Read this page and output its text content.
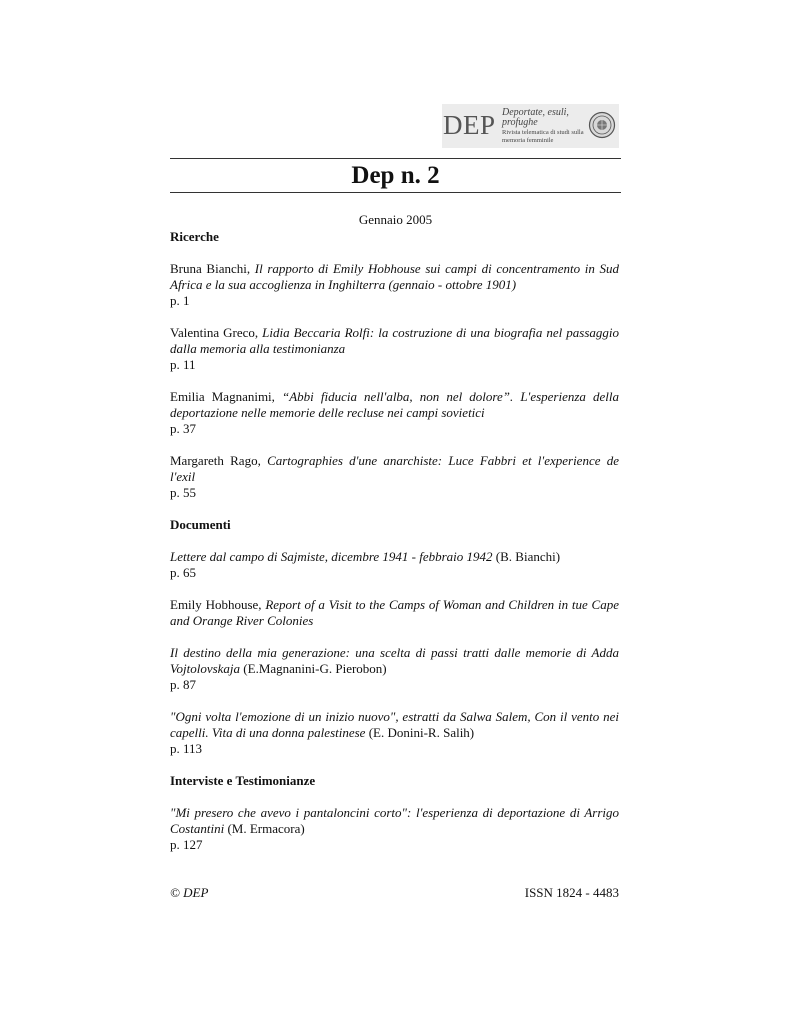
DEP Deportate, esuli,
profughe
Rivista telematica di studi sulla memoria femminile
Dep n. 2
Gennaio 2005

Ricerche

Bruna Bianchi, Il rapporto di Emily Hobhouse sui campi di concentramento in Sud Africa e la sua accoglienza in Inghilterra (gennaio - ottobre 1901)

p. 1

Valentina Greco, Lidia Beccaria Rolfi: la costruzione di una biografia nel passaggio dalla memoria alla testimonianza

p. 11

Emilia Magnanimi, “Abbi fiducia nell'alba, non nel dolore”. L'esperienza della deportazione nelle memorie delle recluse nei campi sovietici

p. 37

Margareth Rago, Cartographies d'une anarchiste: Luce Fabbri et l'experience de l'exil

p. 55

Documenti

Lettere dal campo di Sajmiste, dicembre 1941 - febbraio 1942 (B. Bianchi)

p. 65

Emily Hobhouse, Report of a Visit to the Camps of Woman and Children in tue Cape and Orange River Colonies

Il destino della mia generazione: una scelta di passi tratti dalle memorie di Adda Vojtolovskaja (E.Magnanini-G. Pierobon)

p. 87

"Ogni volta l'emozione di un inizio nuovo", estratti da Salwa Salem, Con il vento nei capelli. Vita di una donna palestinese (E. Donini-R. Salih)

p. 113

Interviste e Testimonianze

"Mi presero che avevo i pantaloncini corto": l'esperienza di deportazione di Arrigo Costantini (M. Ermacora)

p. 127

© DEP	ISSN 1824 - 4483
